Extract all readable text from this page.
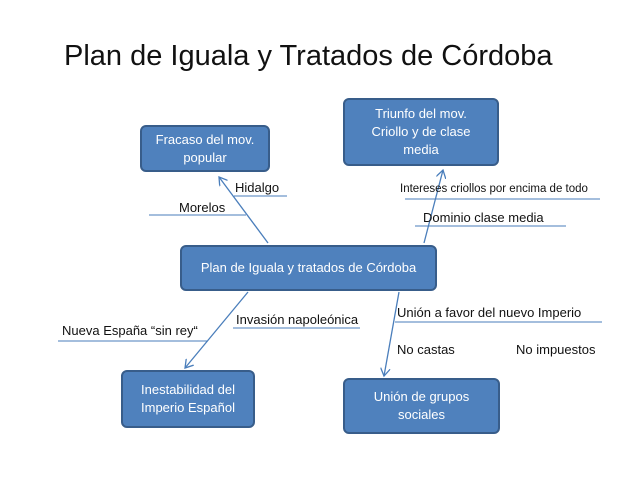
Plan de Iguala y Tratados de Córdoba
Fracaso del mov.
popular
Triunfo del mov.
Criollo y de clase
media
Plan de Iguala y tratados de Córdoba
Inestabilidad del
Imperio Español
Unión de grupos
sociales
Hidalgo
Morelos
Intereses criollos por encima de todo
Dominio clase media
Invasión napoleónica
Nueva España “sin rey“
Unión a favor del nuevo Imperio
No castas	No impuestos
